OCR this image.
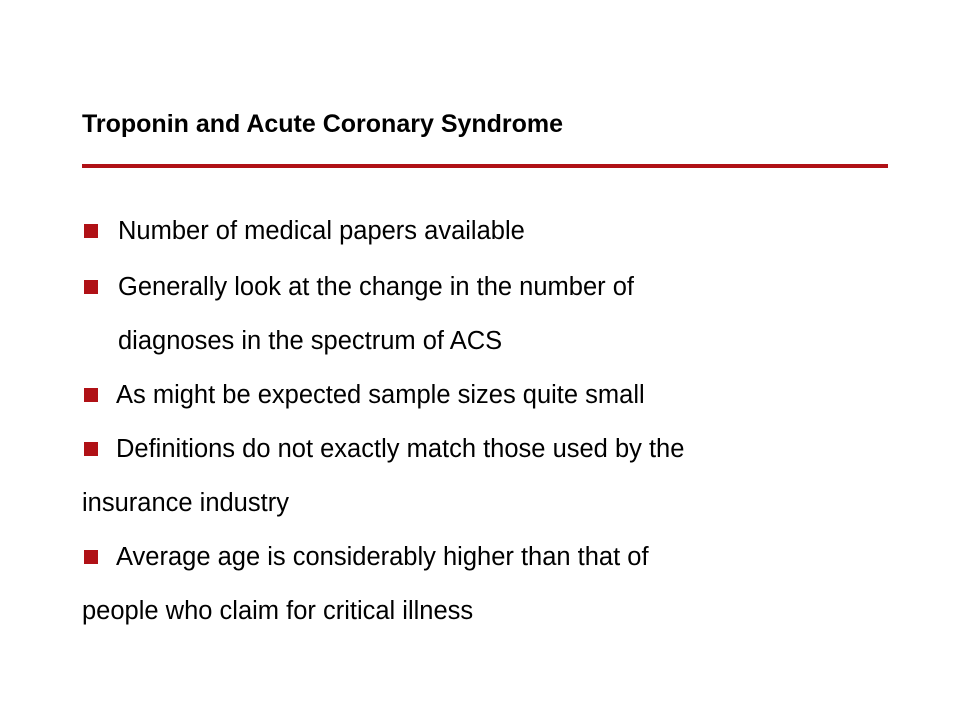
Troponin and Acute Coronary Syndrome
Number of medical papers available
Generally look at the change in the number of
diagnoses in the spectrum of ACS
As might be expected sample sizes quite small
Definitions do not exactly match those used by the
insurance industry
Average age is considerably higher than that of
people who claim for critical illness
